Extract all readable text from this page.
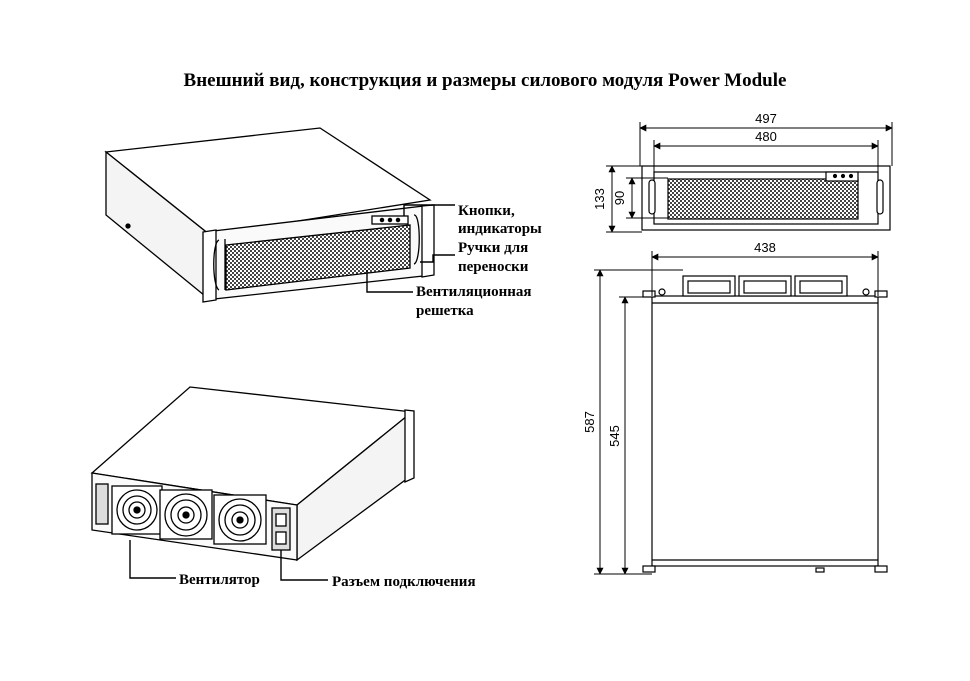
Внешний вид, конструкция и размеры силового модуля Power Module
Кнопки,
индикаторы
Ручки для
переноски
Вентиляционная
решетка
Вентилятор	Разъем подключения
497
480
133 90
438
587
545
